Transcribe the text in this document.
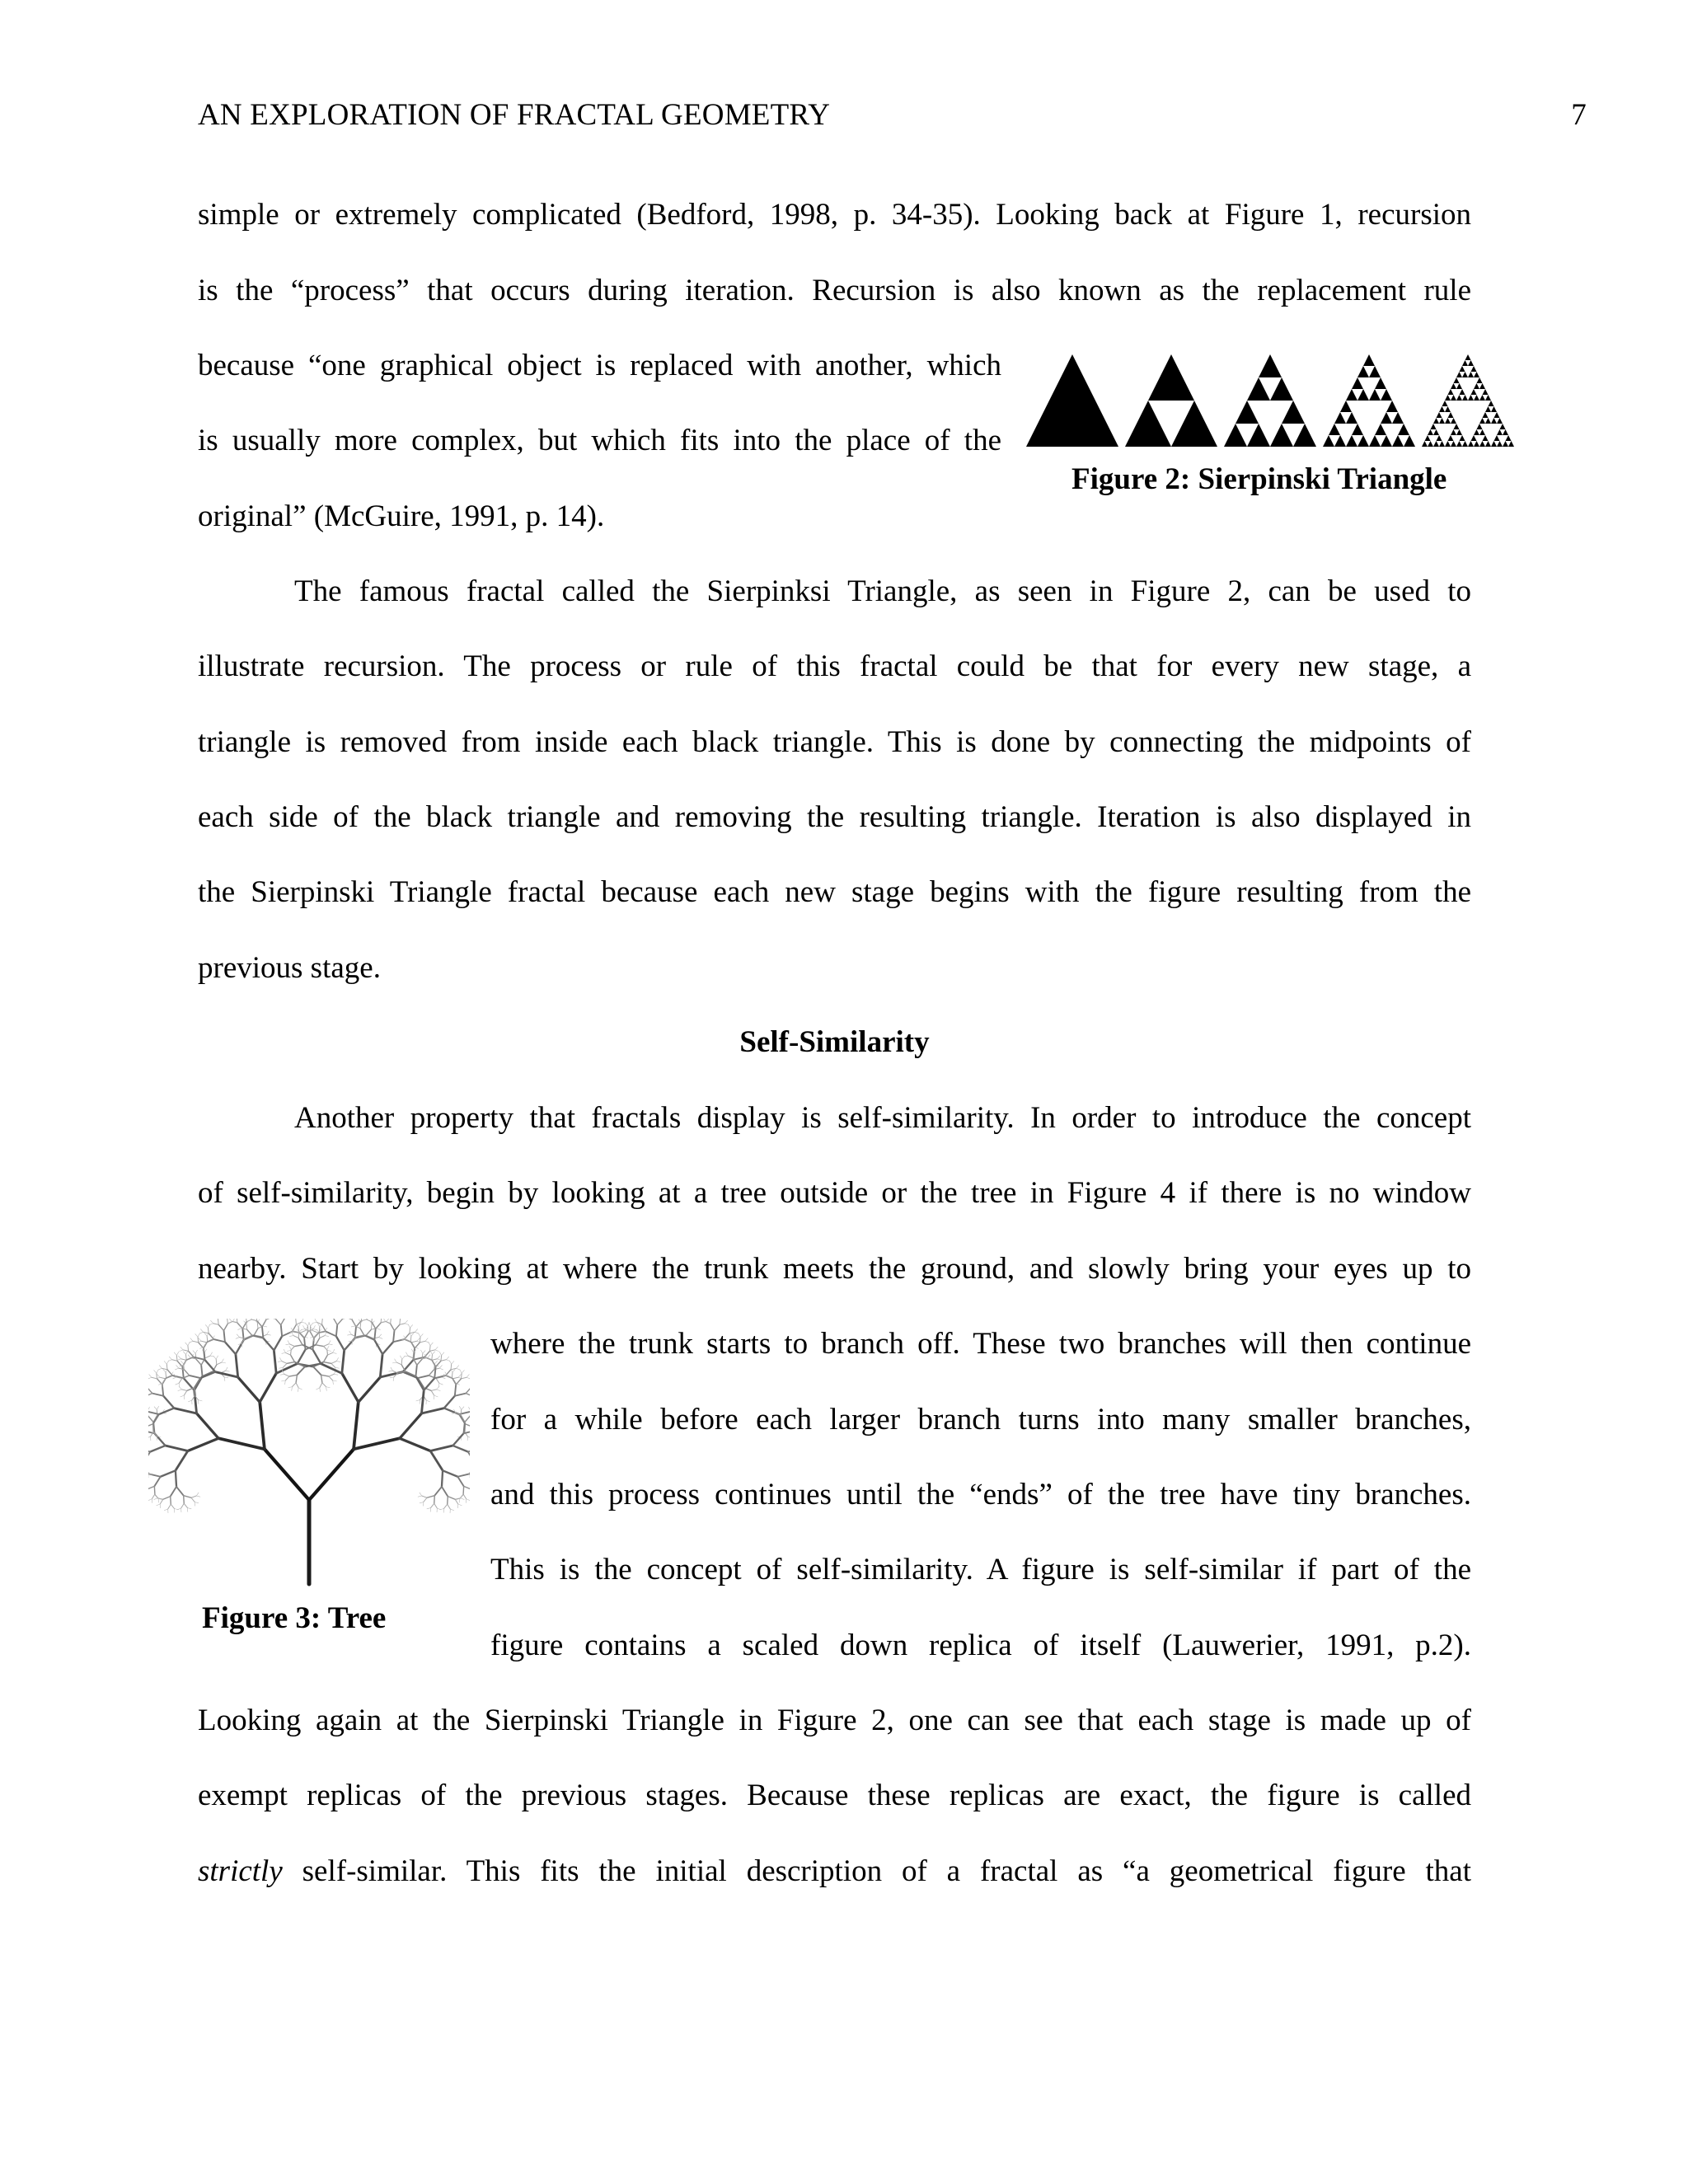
AN EXPLORATION OF FRACTAL GEOMETRY	7
simple or extremely complicated (Bedford, 1998, p. 34-35). Looking back at Figure 1, recursion
is the “process” that occurs during iteration. Recursion is also known as the replacement rule
because “one graphical object is replaced with another, which
is usually more complex, but which fits into the place of the
original” (McGuire, 1991, p. 14).
Figure 2: Sierpinski Triangle
The famous fractal called the Sierpinksi Triangle, as seen in Figure 2, can be used to
illustrate recursion. The process or rule of this fractal could be that for every new stage, a
triangle is removed from inside each black triangle. This is done by connecting the midpoints of
each side of the black triangle and removing the resulting triangle. Iteration is also displayed in
the Sierpinski Triangle fractal because each new stage begins with the figure resulting from the
previous stage.
Self-Similarity
Another property that fractals display is self-similarity. In order to introduce the concept
of self-similarity, begin by looking at a tree outside or the tree in Figure 4 if there is no window
nearby. Start by looking at where the trunk meets the ground, and slowly bring your eyes up to
where the trunk starts to branch off. These two branches will then continue
for a while before each larger branch turns into many smaller branches,
and this process continues until the “ends” of the tree have tiny branches.
This is the concept of self-similarity. A figure is self-similar if part of the
figure contains a scaled down replica of itself (Lauwerier, 1991, p.2).
Looking again at the Sierpinski Triangle in Figure 2, one can see that each stage is made up of
exempt replicas of the previous stages. Because these replicas are exact, the figure is called
strictly self-similar. This fits the initial description of a fractal as “a geometrical figure that
Figure 3: Tree
